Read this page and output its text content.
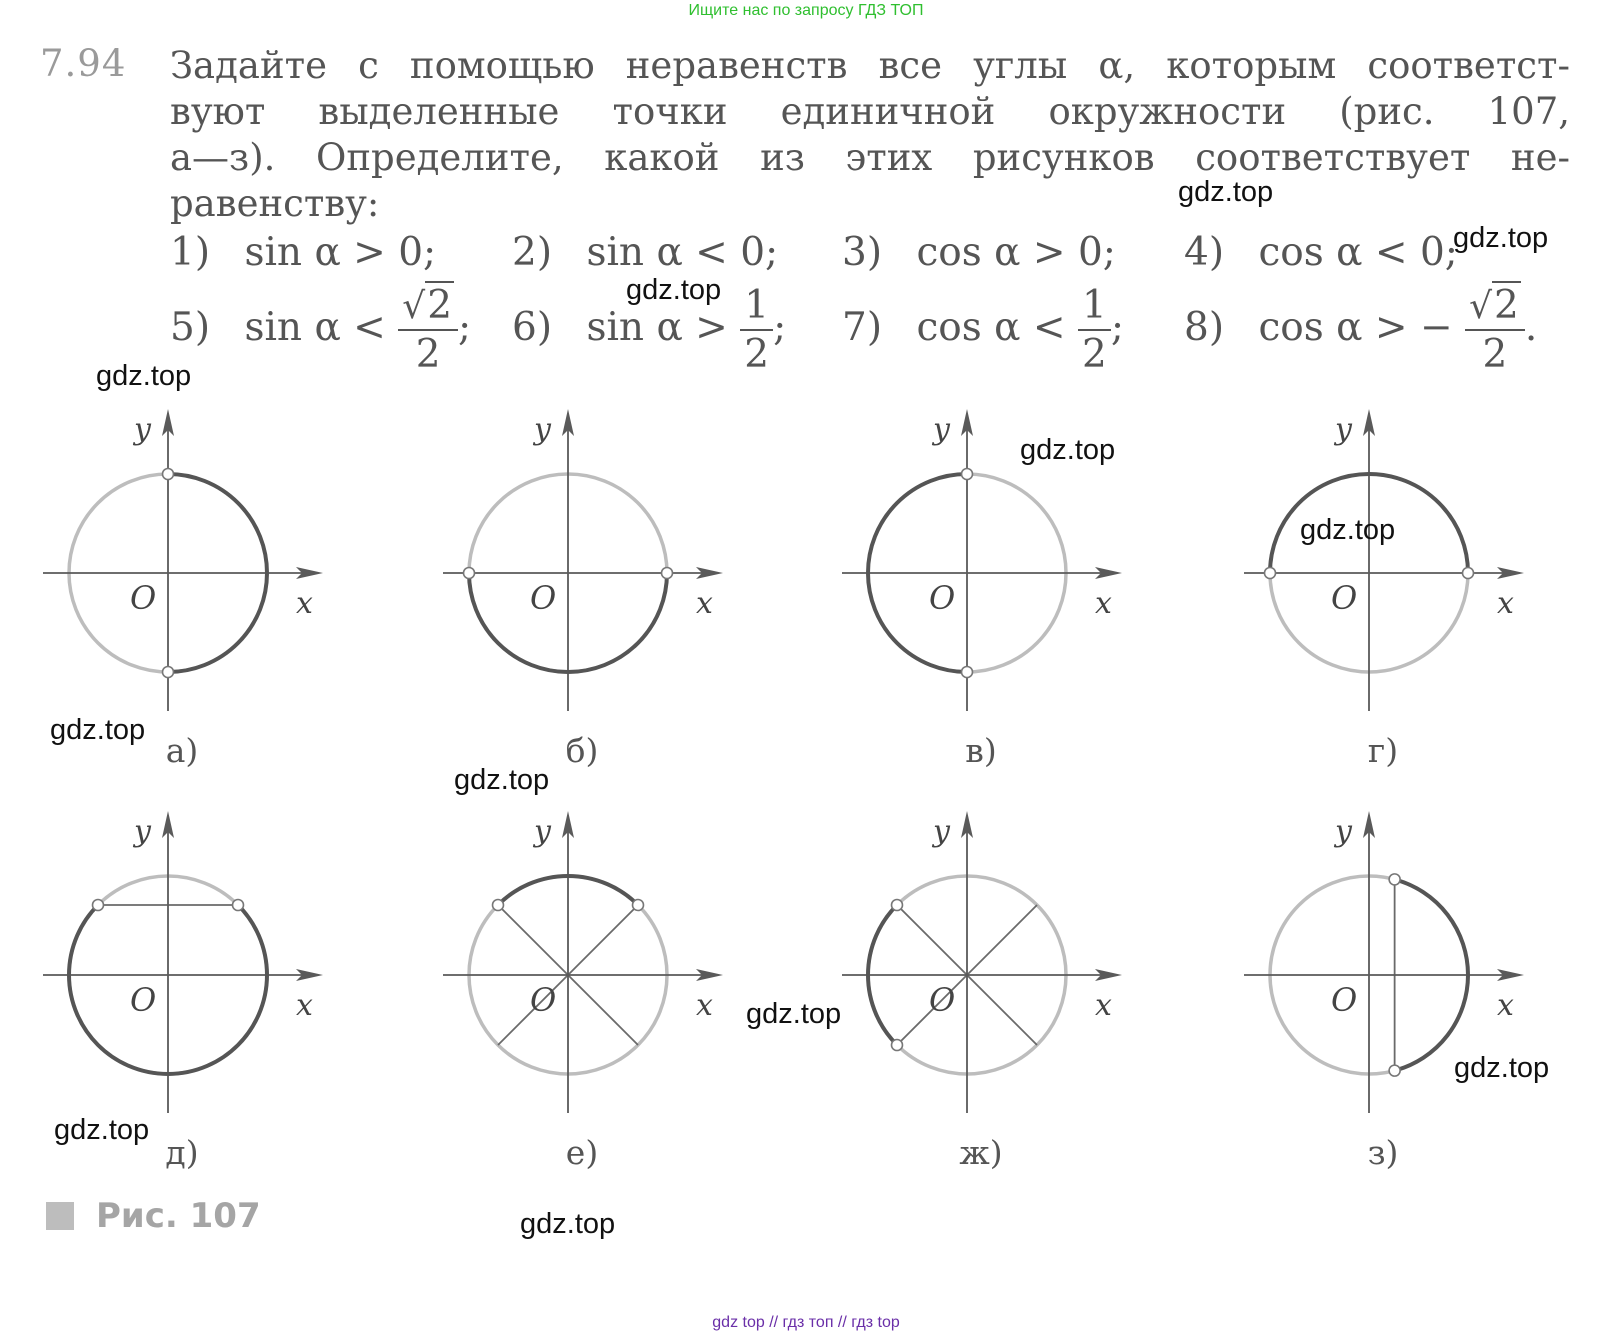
Ищите нас по запросу ГДЗ ТОП
7.94 Задайте с помощью неравенств все углы α, которым соответст-
вуют выделенные точки единичной окружности (рис. 107,
а—з). Определите, какой из этих рисунков соответствует не-
равенству:
1) sin α > 0; 2) sin α < 0; 3) cos α > 0; 4) cos α < 0;
5) $\sin \alpha < \frac{√2}{2}$ ; 6) $\sin \alpha > \frac{1}{2}$ ; 7) $\cos \alpha < \frac{1}{2}$ ; 8) cos α > − $\frac{√2}{2}$ .
x
y
O
а)
x
y
O
б)
x
y
O
в)
x
y
O
г)
x
y
O
д)
x
y
O
е)
x
y
O
ж)
x
y
O
з)
Рис. 107
gdz.top
gdz.top
gdz.top
gdz.top
gdz.top
gdz.top
gdz.top
gdz.top
gdz.top
gdz.top
gdz.top
gdz.top
gdz top // гдз топ // гдз top
